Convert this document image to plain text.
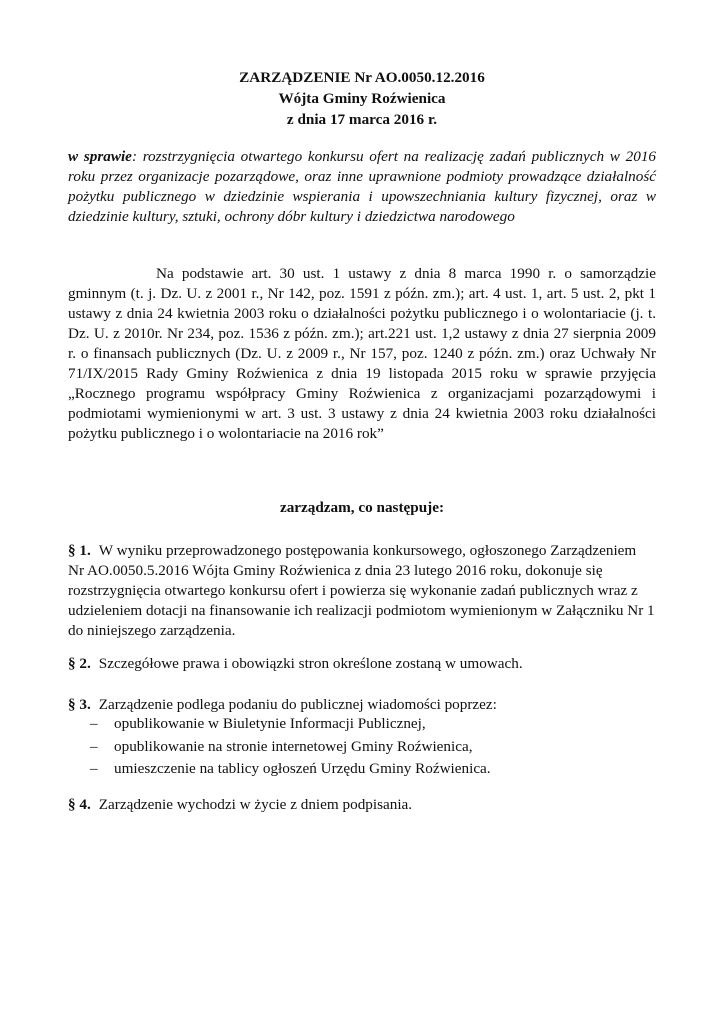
ZARZĄDZENIE Nr AO.0050.12.2016
Wójta Gminy Roźwienica
z dnia 17 marca 2016 r.
w sprawie: rozstrzygnięcia otwartego konkursu ofert na realizację zadań publicznych w 2016 roku przez organizacje pozarządowe, oraz inne uprawnione podmioty prowadzące działalność pożytku publicznego w dziedzinie wspierania i upowszechniania kultury fizycznej, oraz w dziedzinie kultury, sztuki, ochrony dóbr kultury i dziedzictwa narodowego
Na podstawie art. 30 ust. 1 ustawy z dnia 8 marca 1990 r. o samorządzie gminnym (t. j. Dz. U. z 2001 r., Nr 142, poz. 1591 z późn. zm.); art. 4 ust. 1, art. 5 ust. 2, pkt 1 ustawy z dnia 24 kwietnia 2003 roku o działalności pożytku publicznego i o wolontariacie (j. t. Dz. U. z 2010r. Nr 234, poz. 1536 z późn. zm.); art.221 ust. 1,2 ustawy z dnia 27 sierpnia 2009 r. o finansach publicznych (Dz. U. z 2009 r., Nr 157, poz. 1240 z późn. zm.) oraz Uchwały Nr 71/IX/2015 Rady Gminy Roźwienica z dnia 19 listopada 2015 roku w sprawie przyjęcia „Rocznego programu współpracy Gminy Roźwienica z organizacjami pozarządowymi i podmiotami wymienionymi w art. 3 ust. 3 ustawy z dnia 24 kwietnia 2003 roku działalności pożytku publicznego i o wolontariacie na 2016 rok”
zarządzam, co następuje:
§ 1. W wyniku przeprowadzonego postępowania konkursowego, ogłoszonego Zarządzeniem Nr AO.0050.5.2016 Wójta Gminy Roźwienica z dnia 23 lutego 2016 roku, dokonuje się rozstrzygnięcia otwartego konkursu ofert i powierza się wykonanie zadań publicznych wraz z udzieleniem dotacji na finansowanie ich realizacji podmiotom wymienionym w Załączniku Nr 1 do niniejszego zarządzenia.
§ 2. Szczegółowe prawa i obowiązki stron określone zostaną w umowach.
§ 3. Zarządzenie podlega podaniu do publicznej wiadomości poprzez:
– opublikowanie w Biuletynie Informacji Publicznej,
– opublikowanie na stronie internetowej Gminy Roźwienica,
– umieszczenie na tablicy ogłoszeń Urzędu Gminy Roźwienica.
§ 4. Zarządzenie wychodzi w życie z dniem podpisania.
